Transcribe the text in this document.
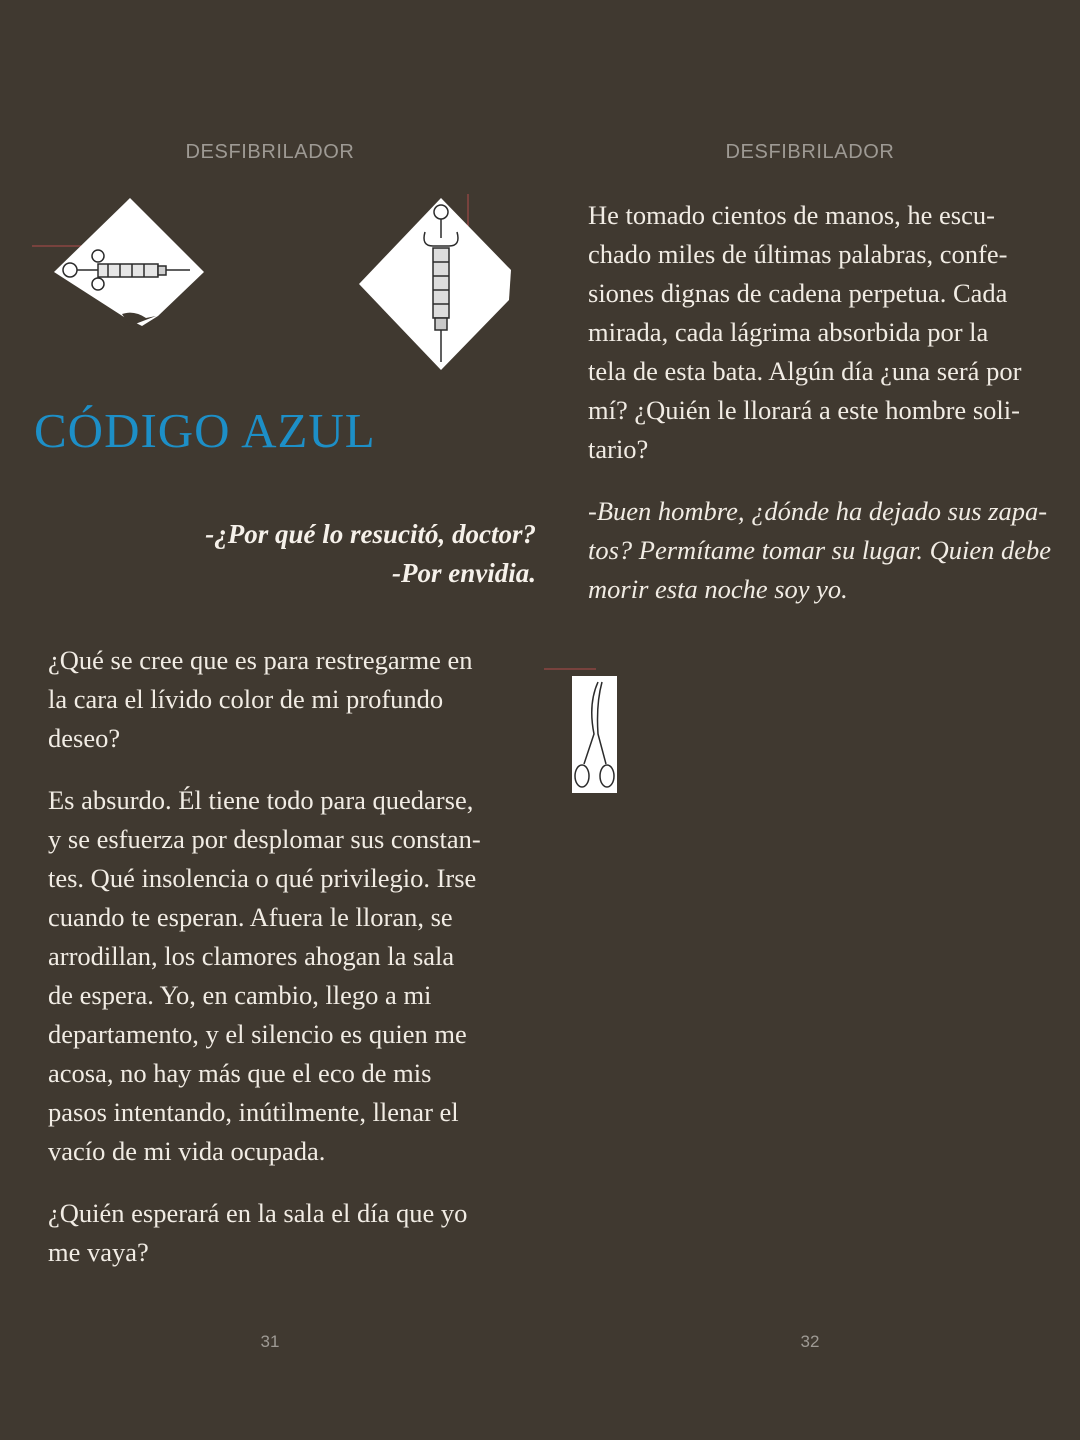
DESFIBRILADOR
CÓDIGO AZUL
-¿Por qué lo resucitó, doctor?
-Por envidia.

¿Qué se cree que es para restregarme en
la cara el lívido color de mi profundo
deseo?

Es absurdo. Él tiene todo para quedarse,
y se esfuerza por desplomar sus constan-
tes. Qué insolencia o qué privilegio. Irse
cuando te esperan. Afuera le lloran, se
arrodillan, los clamores ahogan la sala
de espera. Yo, en cambio, llego a mi
departamento, y el silencio es quien me
acosa, no hay más que el eco de mis
pasos intentando, inútilmente, llenar el
vacío de mi vida ocupada.

¿Quién esperará en la sala el día que yo
me vaya?

31
DESFIBRILADOR

He tomado cientos de manos, he escu-
chado miles de últimas palabras, confe-
siones dignas de cadena perpetua. Cada
mirada, cada lágrima absorbida por la
tela de esta bata. Algún día ¿una será por
mí? ¿Quién le llorará a este hombre soli-
tario?

-Buen hombre, ¿dónde ha dejado sus zapa-
tos? Permítame tomar su lugar. Quien debe
morir esta noche soy yo.

32
